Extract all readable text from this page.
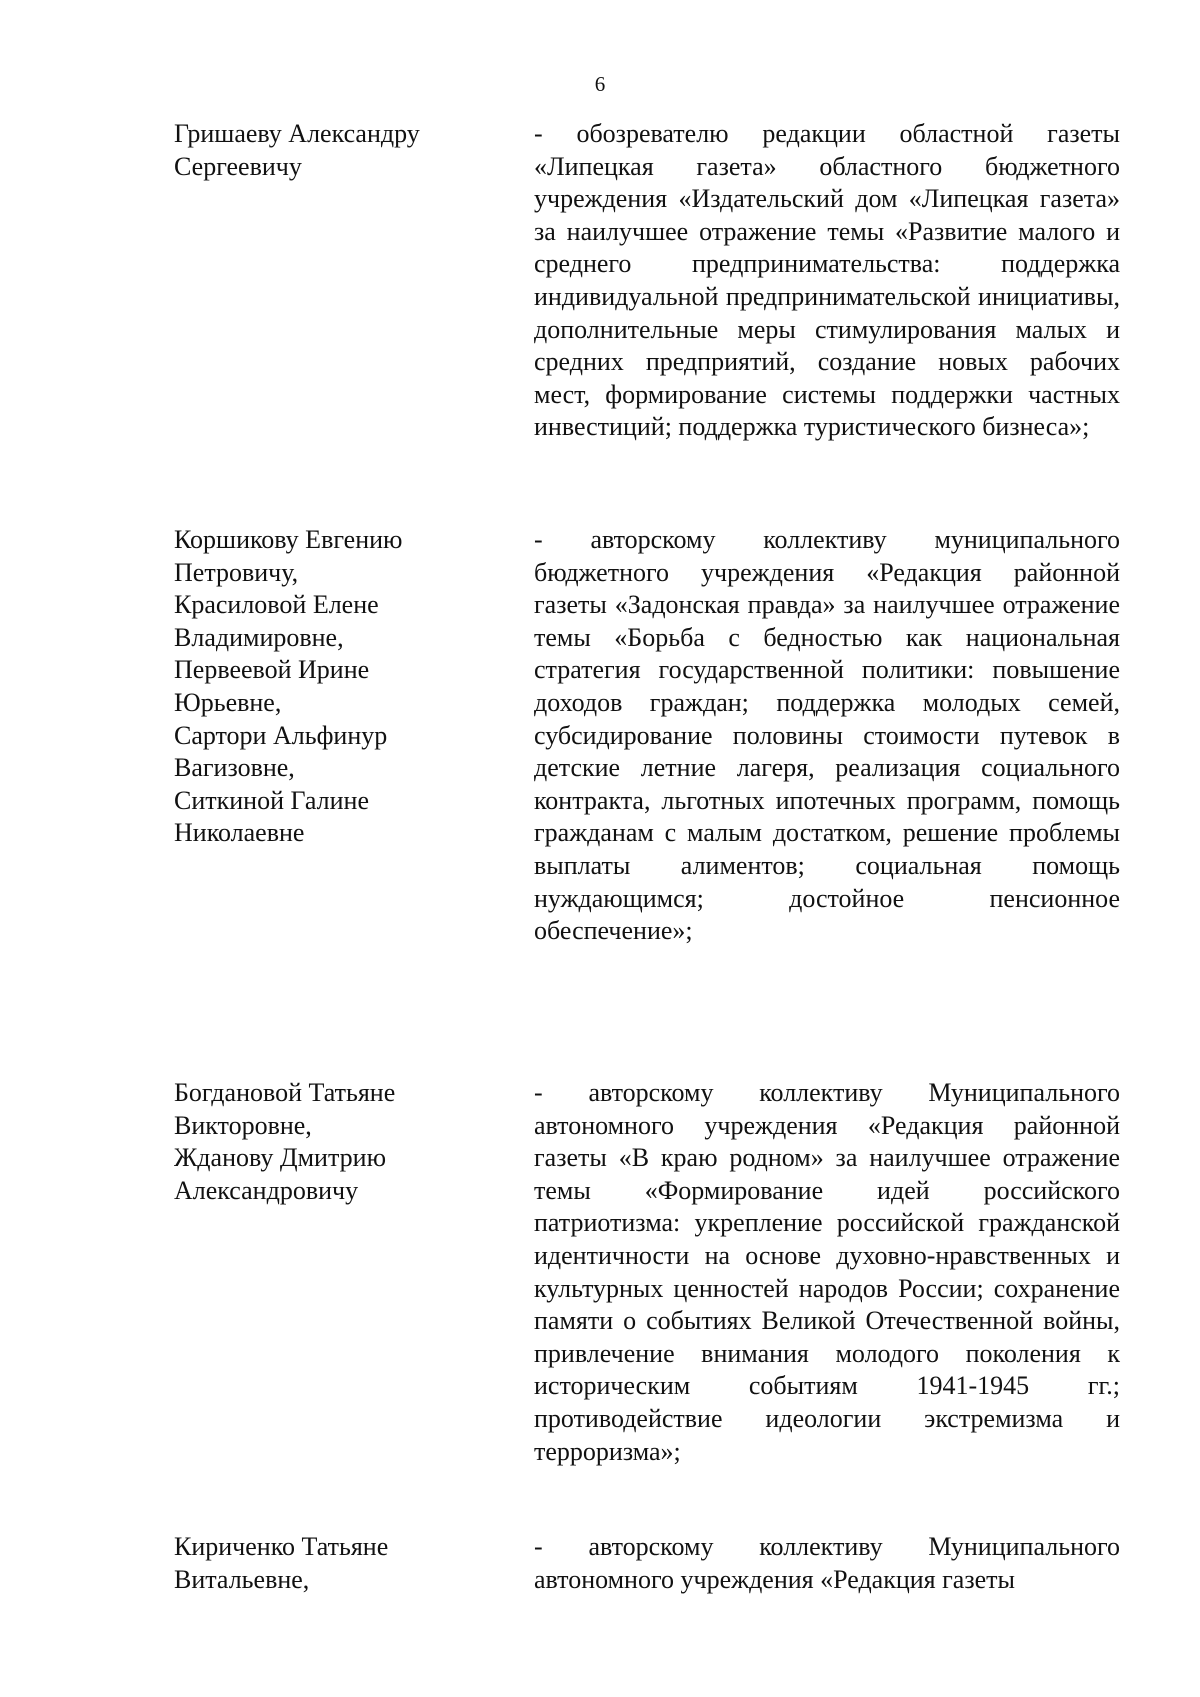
6
Гришаеву Александру
Сергеевичу
- обозревателю редакции областной газеты «Липецкая газета» областного бюджетного учреждения «Издательский дом «Липецкая газета» за наилучшее отражение темы «Развитие малого и среднего предпринимательства: поддержка индивидуальной предпринимательской инициативы, дополнительные меры стимулирования малых и средних предприятий, создание новых рабочих мест, формирование системы поддержки частных инвестиций; поддержка туристического бизнеса»;
Коршикову Евгению
Петровичу,
Красиловой Елене
Владимировне,
Первеевой Ирине
Юрьевне,
Сартори Альфинур
Вагизовне,
Ситкиной Галине
Николаевне
- авторскому коллективу муниципального бюджетного учреждения «Редакция районной газеты «Задонская правда» за наилучшее отражение темы «Борьба с бедностью как национальная стратегия государственной политики: повышение доходов граждан; поддержка молодых семей, субсидирование половины стоимости путевок в детские летние лагеря, реализация социального контракта, льготных ипотечных программ, помощь гражданам с малым достатком, решение проблемы выплаты алиментов; социальная помощь нуждающимся; достойное пенсионное обеспечение»;
Богдановой Татьяне
Викторовне,
Жданову Дмитрию
Александровичу
- авторскому коллективу Муниципального автономного учреждения «Редакция районной газеты «В краю родном» за наилучшее отражение темы «Формирование идей российского патриотизма: укрепление российской гражданской идентичности на основе духовно-нравственных и культурных ценностей народов России; сохранение памяти о событиях Великой Отечественной войны, привлечение внимания молодого поколения к историческим событиям 1941-1945 гг.; противодействие идеологии экстремизма и терроризма»;
Кириченко Татьяне
Витальевне,
- авторскому коллективу Муниципального автономного учреждения «Редакция газеты
